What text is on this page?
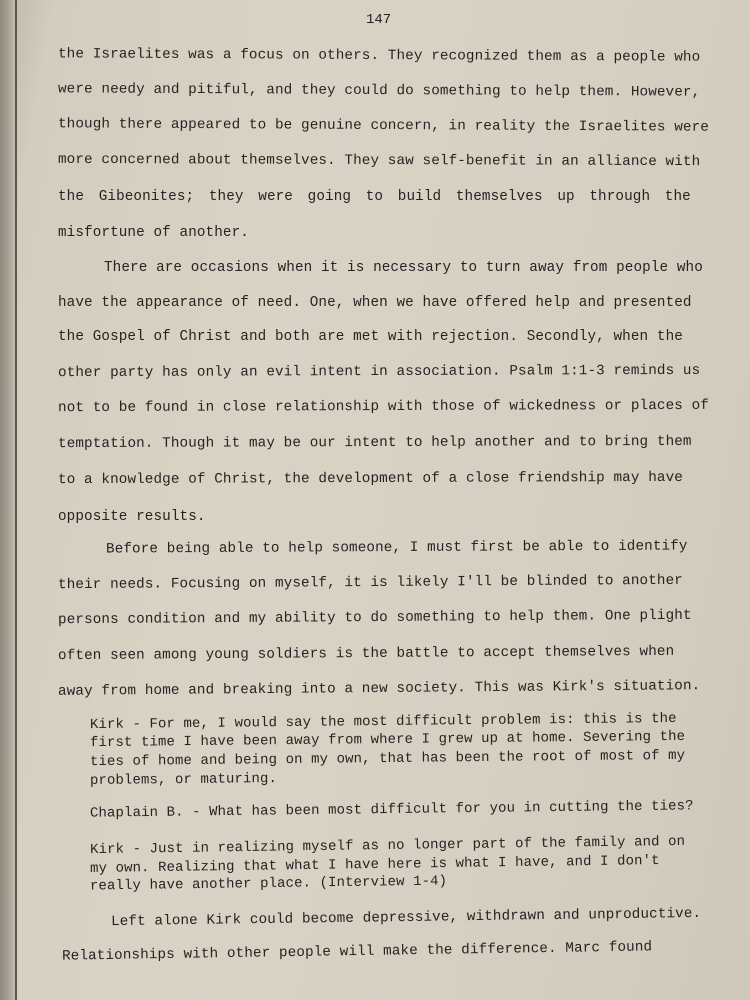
147
the Israelites was a focus on others. They recognized them as a people who
were needy and pitiful, and they could do something to help them. However,
though there appeared to be genuine concern, in reality the Israelites were
more concerned about themselves. They saw self-benefit in an alliance with
the Gibeonites; they were going to build themselves up through the
misfortune of another.
There are occasions when it is necessary to turn away from people who
have the appearance of need. One, when we have offered help and presented
the Gospel of Christ and both are met with rejection. Secondly, when the
other party has only an evil intent in association. Psalm 1:1-3 reminds us
not to be found in close relationship with those of wickedness or places of
temptation. Though it may be our intent to help another and to bring them
to a knowledge of Christ, the development of a close friendship may have
opposite results.
Before being able to help someone, I must first be able to identify
their needs. Focusing on myself, it is likely I'll be blinded to another
persons condition and my ability to do something to help them. One plight
often seen among young soldiers is the battle to accept themselves when
away from home and breaking into a new society. This was Kirk's situation.
Kirk - For me, I would say the most difficult problem is: this is the
first time I have been away from where I grew up at home. Severing the
ties of home and being on my own, that has been the root of most of my
problems, or maturing.
Chaplain B. - What has been most difficult for you in cutting the ties?
Kirk - Just in realizing myself as no longer part of the family and on
my own. Realizing that what I have here is what I have, and I don't
really have another place. (Interview 1-4)
Left alone Kirk could become depressive, withdrawn and unproductive.
Relationships with other people will make the difference. Marc found
